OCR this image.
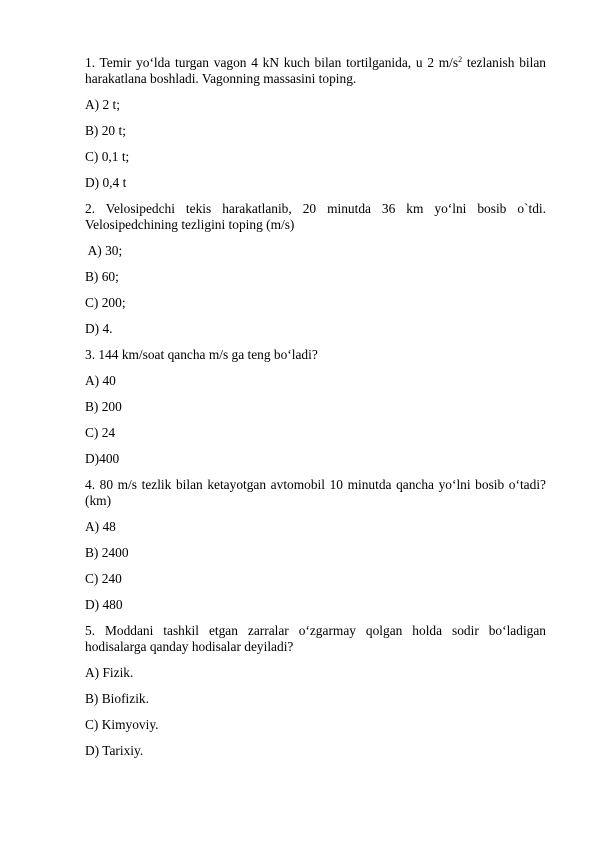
1. Temir yo‘lda turgan vagon 4 kN kuch bilan tortilganida, u 2 $m/s^2$ tezlanish bilan harakatlana boshladi. Vagonning massasini toping.

A) 2 t;
B) 20 t;
C) 0,1 t;
D) 0,4 t

2. Velosipedchi tekis harakatlanib, 20 minutda 36 km yo‘lni bosib o`tdi. Velosipedchining tezligini toping (m/s)

A) 30;
B) 60;
C) 200;
D) 4.

3. 144 km/soat qancha m/s ga teng bo‘ladi?

A) 40
B) 200
C) 24
D)400

4. 80 m/s tezlik bilan ketayotgan avtomobil 10 minutda qancha yo‘lni bosib o‘tadi? (km)

A) 48
B) 2400
C) 240
D) 480

5. Moddani tashkil etgan zarralar o‘zgarmay qolgan holda sodir bo‘ladigan hodisalarga qanday hodisalar deyiladi?

A) Fizik.
B) Biofizik.
C) Kimyoviy.
D) Tarixiy.
